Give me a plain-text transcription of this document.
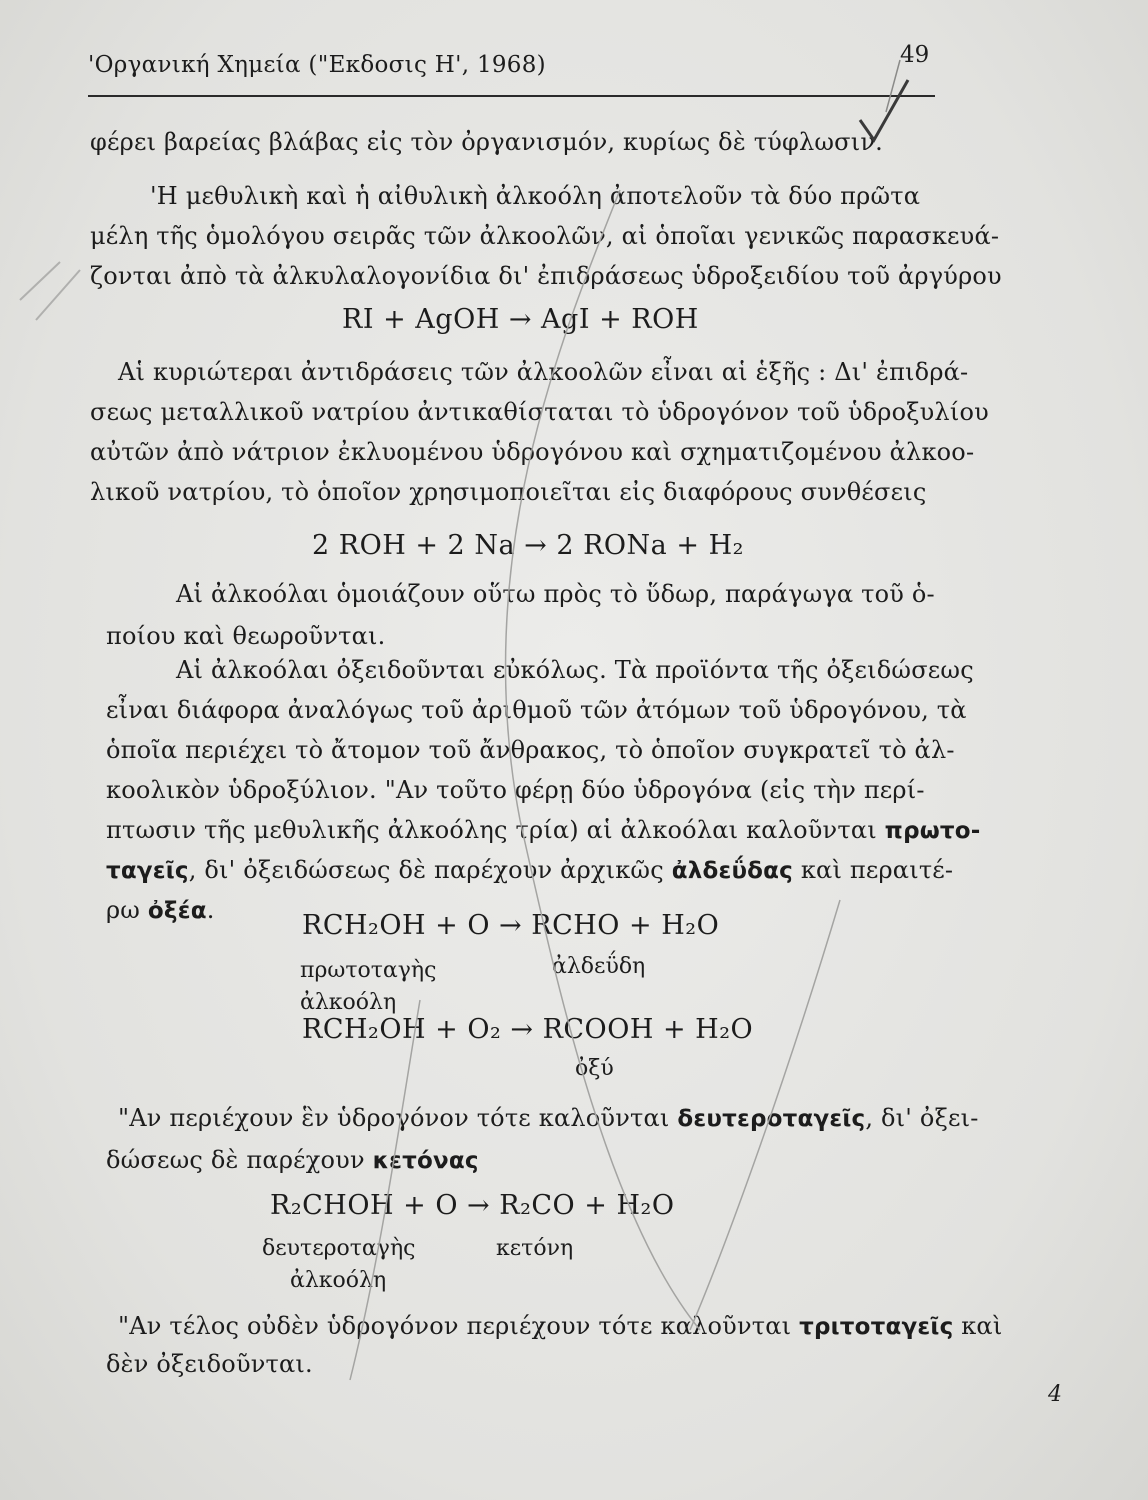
'Οργανική Χημεία ("Εκδοσις Η', 1968)	49
φέρει βαρείας βλάβας εἰς τὸν ὀργανισμόν, κυρίως δὲ τύφλωσιν.
'Η μεθυλικὴ καὶ ἡ αἰθυλικὴ ἀλκοόλη ἀποτελοῦν τὰ δύο πρῶτα
μέλη τῆς ὁμολόγου σειρᾶς τῶν ἀλκοολῶν, αἱ ὁποῖαι γενικῶς παρασκευά-
ζονται ἀπὸ τὰ ἀλκυλαλογονίδια δι' ἐπιδράσεως ὑδροξειδίου τοῦ ἀργύρου
RI + AgOH → AgI + ROH
Αἱ κυριώτεραι ἀντιδράσεις τῶν ἀλκοολῶν εἶναι αἱ ἑξῆς : Δι' ἐπιδρά-
σεως μεταλλικοῦ νατρίου ἀντικαθίσταται τὸ ὑδρογόνον τοῦ ὑδροξυλίου
αὐτῶν ἀπὸ νάτριον ἐκλυομένου ὑδρογόνου καὶ σχηματιζομένου ἀλκοο-
λικοῦ νατρίου, τὸ ὁποῖον χρησιμοποιεῖται εἰς διαφόρους συνθέσεις
2 ROH + 2 Na → 2 RONa + H₂
Αἱ ἀλκοόλαι ὁμοιάζουν οὕτω πρὸς τὸ ὕδωρ, παράγωγα τοῦ ὁ-
ποίου καὶ θεωροῦνται.
Αἱ ἀλκοόλαι ὀξειδοῦνται εὐκόλως. Τὰ προϊόντα τῆς ὀξειδώσεως
εἶναι διάφορα ἀναλόγως τοῦ ἀριθμοῦ τῶν ἀτόμων τοῦ ὑδρογόνου, τὰ
ὁποῖα περιέχει τὸ ἄτομον τοῦ ἄνθρακος, τὸ ὁποῖον συγκρατεῖ τὸ ἀλ-
κοολικὸν ὑδροξύλιον. "Αν τοῦτο φέρῃ δύο ὑδρογόνα (εἰς τὴν περί-
πτωσιν τῆς μεθυλικῆς ἀλκοόλης τρία) αἱ ἀλκοόλαι καλοῦνται πρωτο-
ταγεῖς, δι' ὀξειδώσεως δὲ παρέχουν ἀρχικῶς ἀλδεΰδας καὶ περαιτέ-
ρω ὀξέα.	RCH₂OH + O → RCHO + H₂O
πρωτοταγὴς
ἀλκοόλη
ἀλδεΰδη
RCH₂OH + O₂ → RCOOH + H₂O
ὀξύ
"Αν περιέχουν ἓν ὑδρογόνον τότε καλοῦνται δευτεροταγεῖς, δι' ὀξει-
δώσεως δὲ παρέχουν κετόνας
R₂CHOH + O → R₂CO + H₂O
δευτεροταγὴς
ἀλκοόλη
κετόνη
"Αν τέλος οὐδὲν ὑδρογόνον περιέχουν τότε καλοῦνται τριτοταγεῖς καὶ
δὲν ὀξειδοῦνται.
4
